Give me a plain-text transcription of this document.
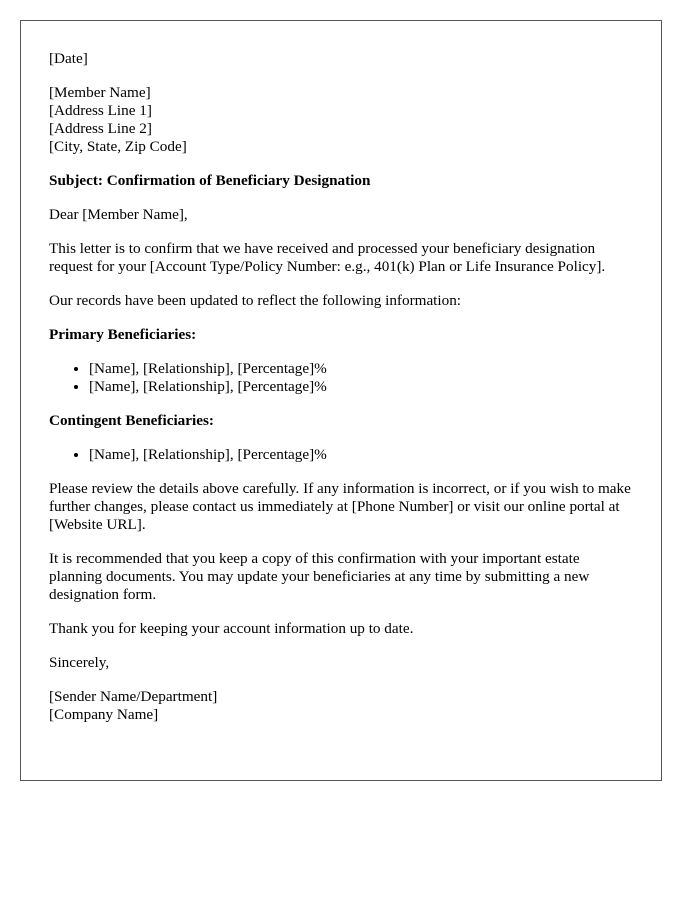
[Date]

[Member Name]
[Address Line 1]
[Address Line 2]
[City, State, Zip Code]

Subject: Confirmation of Beneficiary Designation

Dear [Member Name],

This letter is to confirm that we have received and processed your beneficiary designation request for your [Account Type/Policy Number: e.g., 401(k) Plan or Life Insurance Policy].

Our records have been updated to reflect the following information:

Primary Beneficiaries:

• [Name], [Relationship], [Percentage]%
• [Name], [Relationship], [Percentage]%

Contingent Beneficiaries:

• [Name], [Relationship], [Percentage]%

Please review the details above carefully. If any information is incorrect, or if you wish to make further changes, please contact us immediately at [Phone Number] or visit our online portal at [Website URL].

It is recommended that you keep a copy of this confirmation with your important estate planning documents. You may update your beneficiaries at any time by submitting a new designation form.

Thank you for keeping your account information up to date.

Sincerely,

[Sender Name/Department]
[Company Name]
